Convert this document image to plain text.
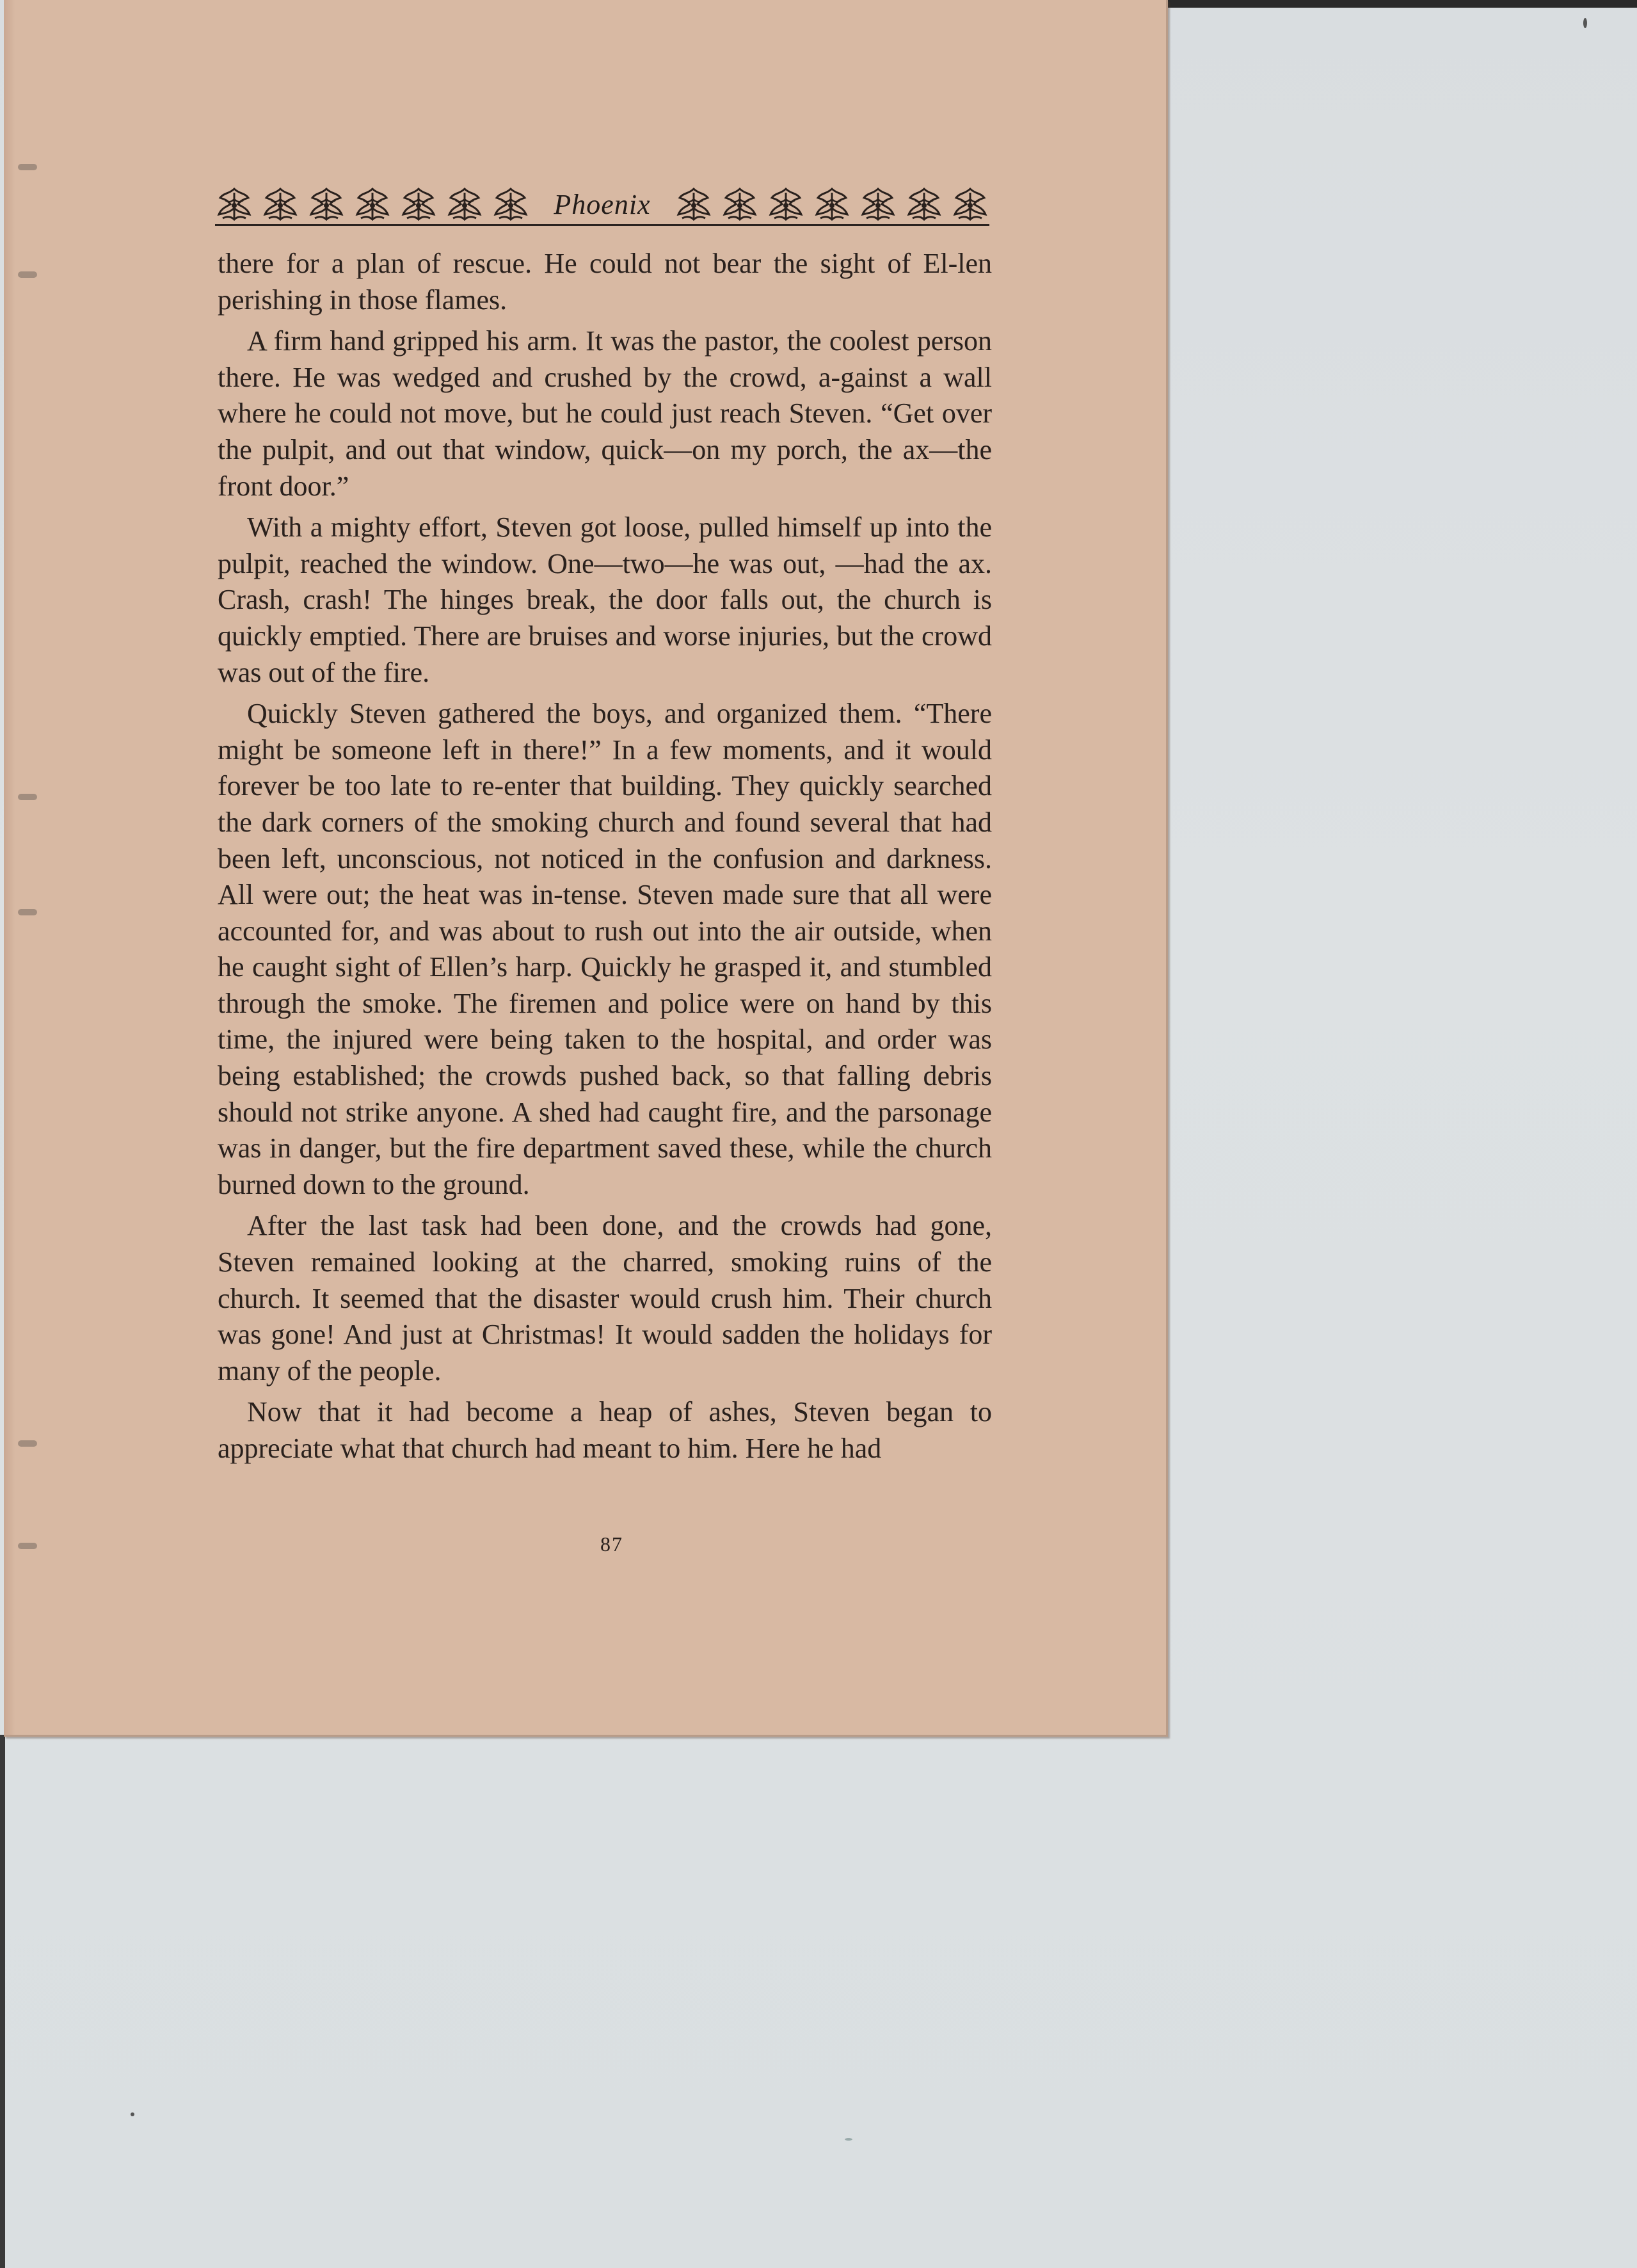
Phoenix

there for a plan of rescue. He could not bear the sight of El-len perishing in those flames.

A firm hand gripped his arm. It was the pastor, the coolest person there. He was wedged and crushed by the crowd, a-gainst a wall where he could not move, but he could just reach Steven. “Get over the pulpit, and out that window, quick—on my porch, the ax—the front door.”

With a mighty effort, Steven got loose, pulled himself up into the pulpit, reached the window. One—two—he was out, —had the ax. Crash, crash! The hinges break, the door falls out, the church is quickly emptied. There are bruises and worse injuries, but the crowd was out of the fire.

Quickly Steven gathered the boys, and organized them. “There might be someone left in there!” In a few moments, and it would forever be too late to re-enter that building. They quickly searched the dark corners of the smoking church and found several that had been left, unconscious, not noticed in the confusion and darkness. All were out; the heat was in-tense. Steven made sure that all were accounted for, and was about to rush out into the air outside, when he caught sight of Ellen’s harp. Quickly he grasped it, and stumbled through the smoke. The firemen and police were on hand by this time, the injured were being taken to the hospital, and order was being established; the crowds pushed back, so that falling debris should not strike anyone. A shed had caught fire, and the parsonage was in danger, but the fire department saved these, while the church burned down to the ground.

After the last task had been done, and the crowds had gone, Steven remained looking at the charred, smoking ruins of the church. It seemed that the disaster would crush him. Their church was gone! And just at Christmas! It would sadden the holidays for many of the people.

Now that it had become a heap of ashes, Steven began to appreciate what that church had meant to him. Here he had

87
